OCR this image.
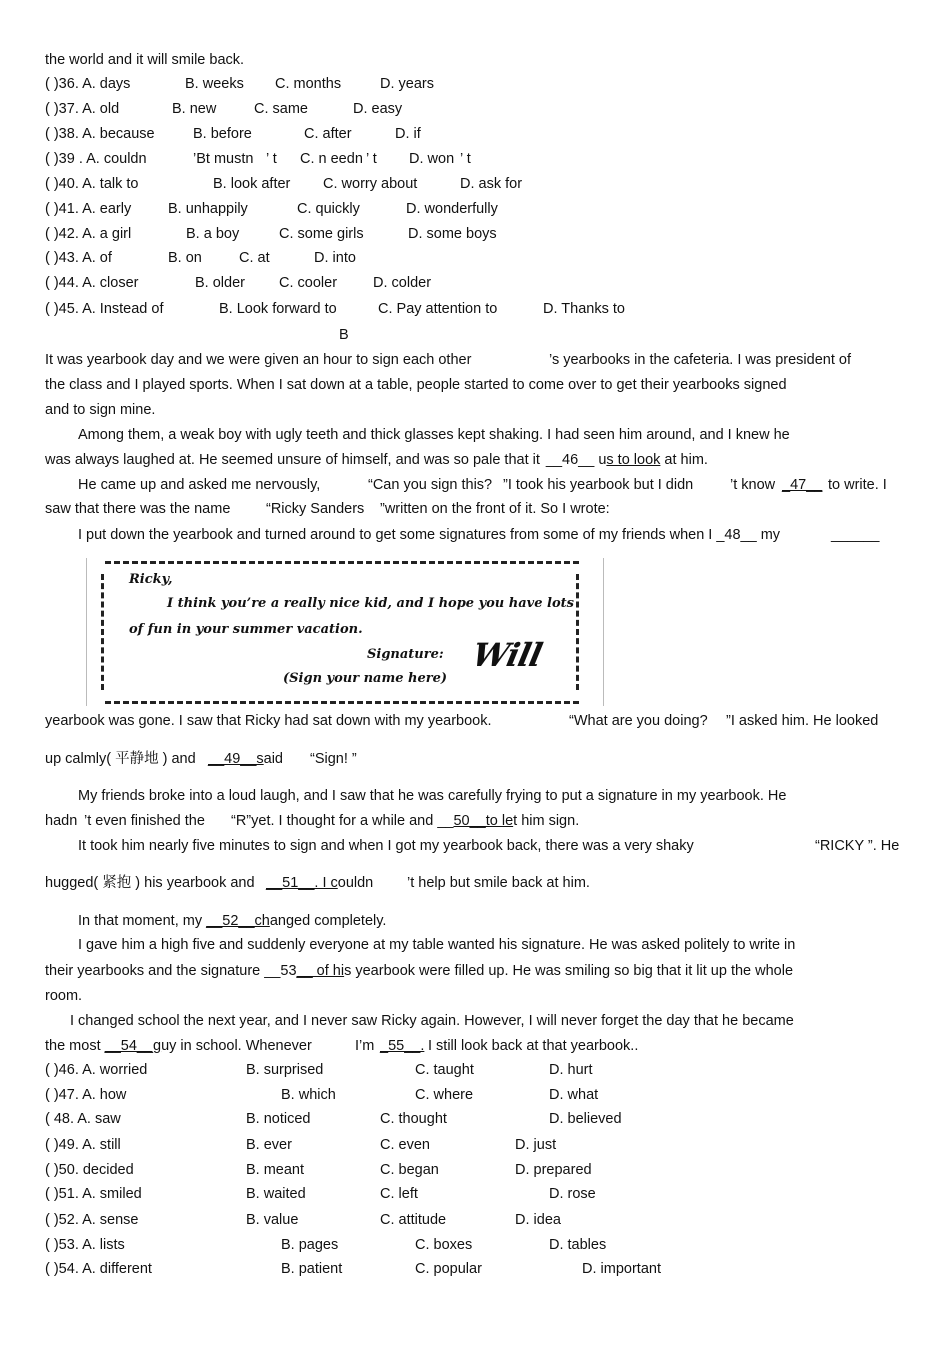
the world and it will smile back.
( )36. A. days	B. weeks C. months	D. years
( )37. A. old	B. new	C. same	D. easy
( )38. A. because	B. before	C. after	D. if
( )39 . A. couldn	’Bt mustn ’ t C. n eedn ’ t D. won ’ t
( )40. A. talk to	B. look after C. worry about	D. ask for
( )41. A. early	B. unhappily	C. quickly	D. wonderfully
( )42. A. a girl	B. a boy	C. some girls	D. some boys
( )43. A. of	B. on	C. at	D. into
( )44. A. closer	B. older C. cooler D. colder
( )45. A. Instead of	B. Look forward to	C. Pay attention to	D. Thanks to
B
It was yearbook day and we were given an hour to sign each other	’s yearbooks in the cafeteria. I was president of
the class and I played sports. When I sat down at a table, people started to come over to get their yearbooks signed
and to sign mine.
Among them, a weak boy with ugly teeth and thick glasses kept shaking. I had seen him around, and I knew he
was always laughed at. He seemed unsure of himself, and was so pale that it __46__ us to look at him.
He came up and asked me nervously,	“Can you sign this? ”I took his yearbook but I didn	’t know _47__ to write. I
saw that there was the name “Ricky Sanders ”written on the front of it. So I wrote:
I put down the yearbook and turned around to get some signatures from some of my friends when I _48__ my	______
Ricky,
I think you’re a really nice kid, and I hope you have lots
of fun in your summer vacation.
Signature:
(Sign your name here)
Will
yearbook was gone. I saw that Ricky had sat down with my yearbook.	“What are you doing? ”I asked him. He looked
up calmly( 平静地 ) and __49__said “Sign! ”
My friends broke into a loud laugh, and I saw that he was carefully frying to put a signature in my yearbook. He
hadn ’t even finished the “R”yet. I thought for a while and __50__to let him sign.
It took him nearly five minutes to sign and when I got my yearbook back, there was a very shaky	“RICKY ”. He
hugged( 紧抱 ) his yearbook and __51__. I couldn ’t help but smile back at him.
In that moment, my __52__changed completely.
I gave him a high five and suddenly everyone at my table wanted his signature. He was asked politely to write in
their yearbooks and the signature __53__ of his yearbook were filled up. He was smiling so big that it lit up the whole
room.
I changed school the next year, and I never saw Ricky again. However, I will never forget the day that he became
the most __54__guy in school. Whenever	I’m _55__. I still look back at that yearbook..
( )46. A. worried	B. surprised	C. taught	D. hurt
( )47. A. how	B. which	C. where	D. what
( 48. A. saw	B. noticed	C. thought	D. believed
( )49. A. still	B. ever	C. even	D. just
( )50. decided	B. meant	C. began	D. prepared
( )51. A. smiled	B. waited	C. left	D. rose
( )52. A. sense	B. value	C. attitude	D. idea
( )53. A. lists	B. pages	C. boxes	D. tables
( )54. A. different	B. patient	C. popular	D. important
